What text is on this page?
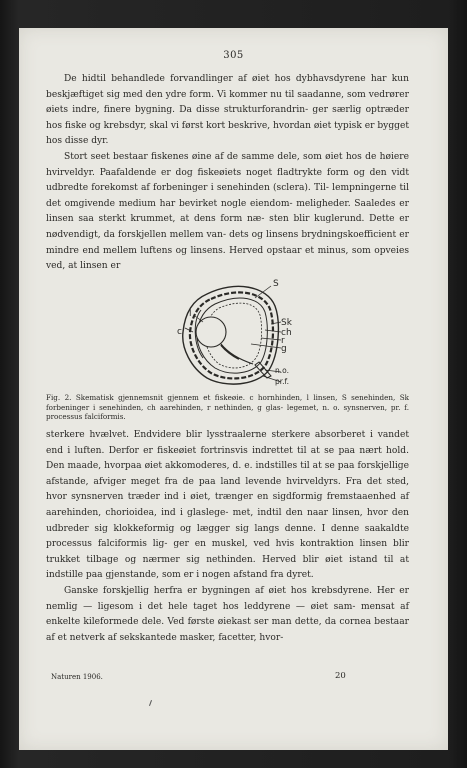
305

De hidtil behandlede forvandlinger af øiet hos dybhavsdyrene har kun beskjæftiget sig med den ydre form. Vi kommer nu til saadanne, som vedrører øiets indre, finere bygning. Da disse strukturforandrin- ger særlig optræder hos fiske og krebsdyr, skal vi først kort beskrive, hvordan øiet typisk er bygget hos disse dyr.

Stort seet bestaar fiskenes øine af de samme dele, som øiet hos de høiere hvirveldyr. Paafaldende er dog fiskeøiets noget fladtrykte form og den vidt udbredte forekomst af forbeninger i senehinden (sclera). Til- lempningerne til det omgivende medium har bevirket nogle eiendom- meligheder. Saaledes er linsen saa sterkt krummet, at dens form næ- sten blir kuglerund. Dette er nødvendigt, da forskjellen mellem van- dets og linsens brydningskoefficient er mindre end mellem luftens og linsens. Herved opstaar et minus, som opveies ved, at linsen er

S
l
c
Sk
ch
r
g
n.o.
pr.f.
Fig. 2. Skematisk gjennemsnit gjennem et fiskeøie. c hornhinden, l linsen, S senehinden, Sk forbeninger i senehinden, ch aarehinden, r nethinden, g glas- legemet, n. o. synsnerven, pr. f. processus falciformis.

sterkere hvælvet. Endvidere blir lysstraalerne sterkere absorberet i vandet end i luften. Derfor er fiskeøiet fortrinsvis indrettet til at se paa nært hold. Den maade, hvorpaa øiet akkomoderes, d. e. indstilles til at se paa forskjellige afstande, afviger meget fra de paa land levende hvirveldyrs. Fra det sted, hvor synsnerven træder ind i øiet, trænger en sigdformig fremstaaenhed af aarehinden, chorioidea, ind i glaslege- met, indtil den naar linsen, hvor den udbreder sig klokkeformig og lægger sig langs denne. I denne saakaldte processus falciformis lig- ger en muskel, ved hvis kontraktion linsen blir trukket tilbage og nærmer sig nethinden. Herved blir øiet istand til at indstille paa gjenstande, som er i nogen afstand fra dyret.

Ganske forskjellig herfra er bygningen af øiet hos krebsdyrene. Her er nemlig — ligesom i det hele taget hos leddyrene — øiet sam- mensat af enkelte kileformede dele. Ved første øiekast ser man dette, da cornea bestaar af et netverk af sekskantede masker, facetter, hvor-

Naturen 1906.	20
